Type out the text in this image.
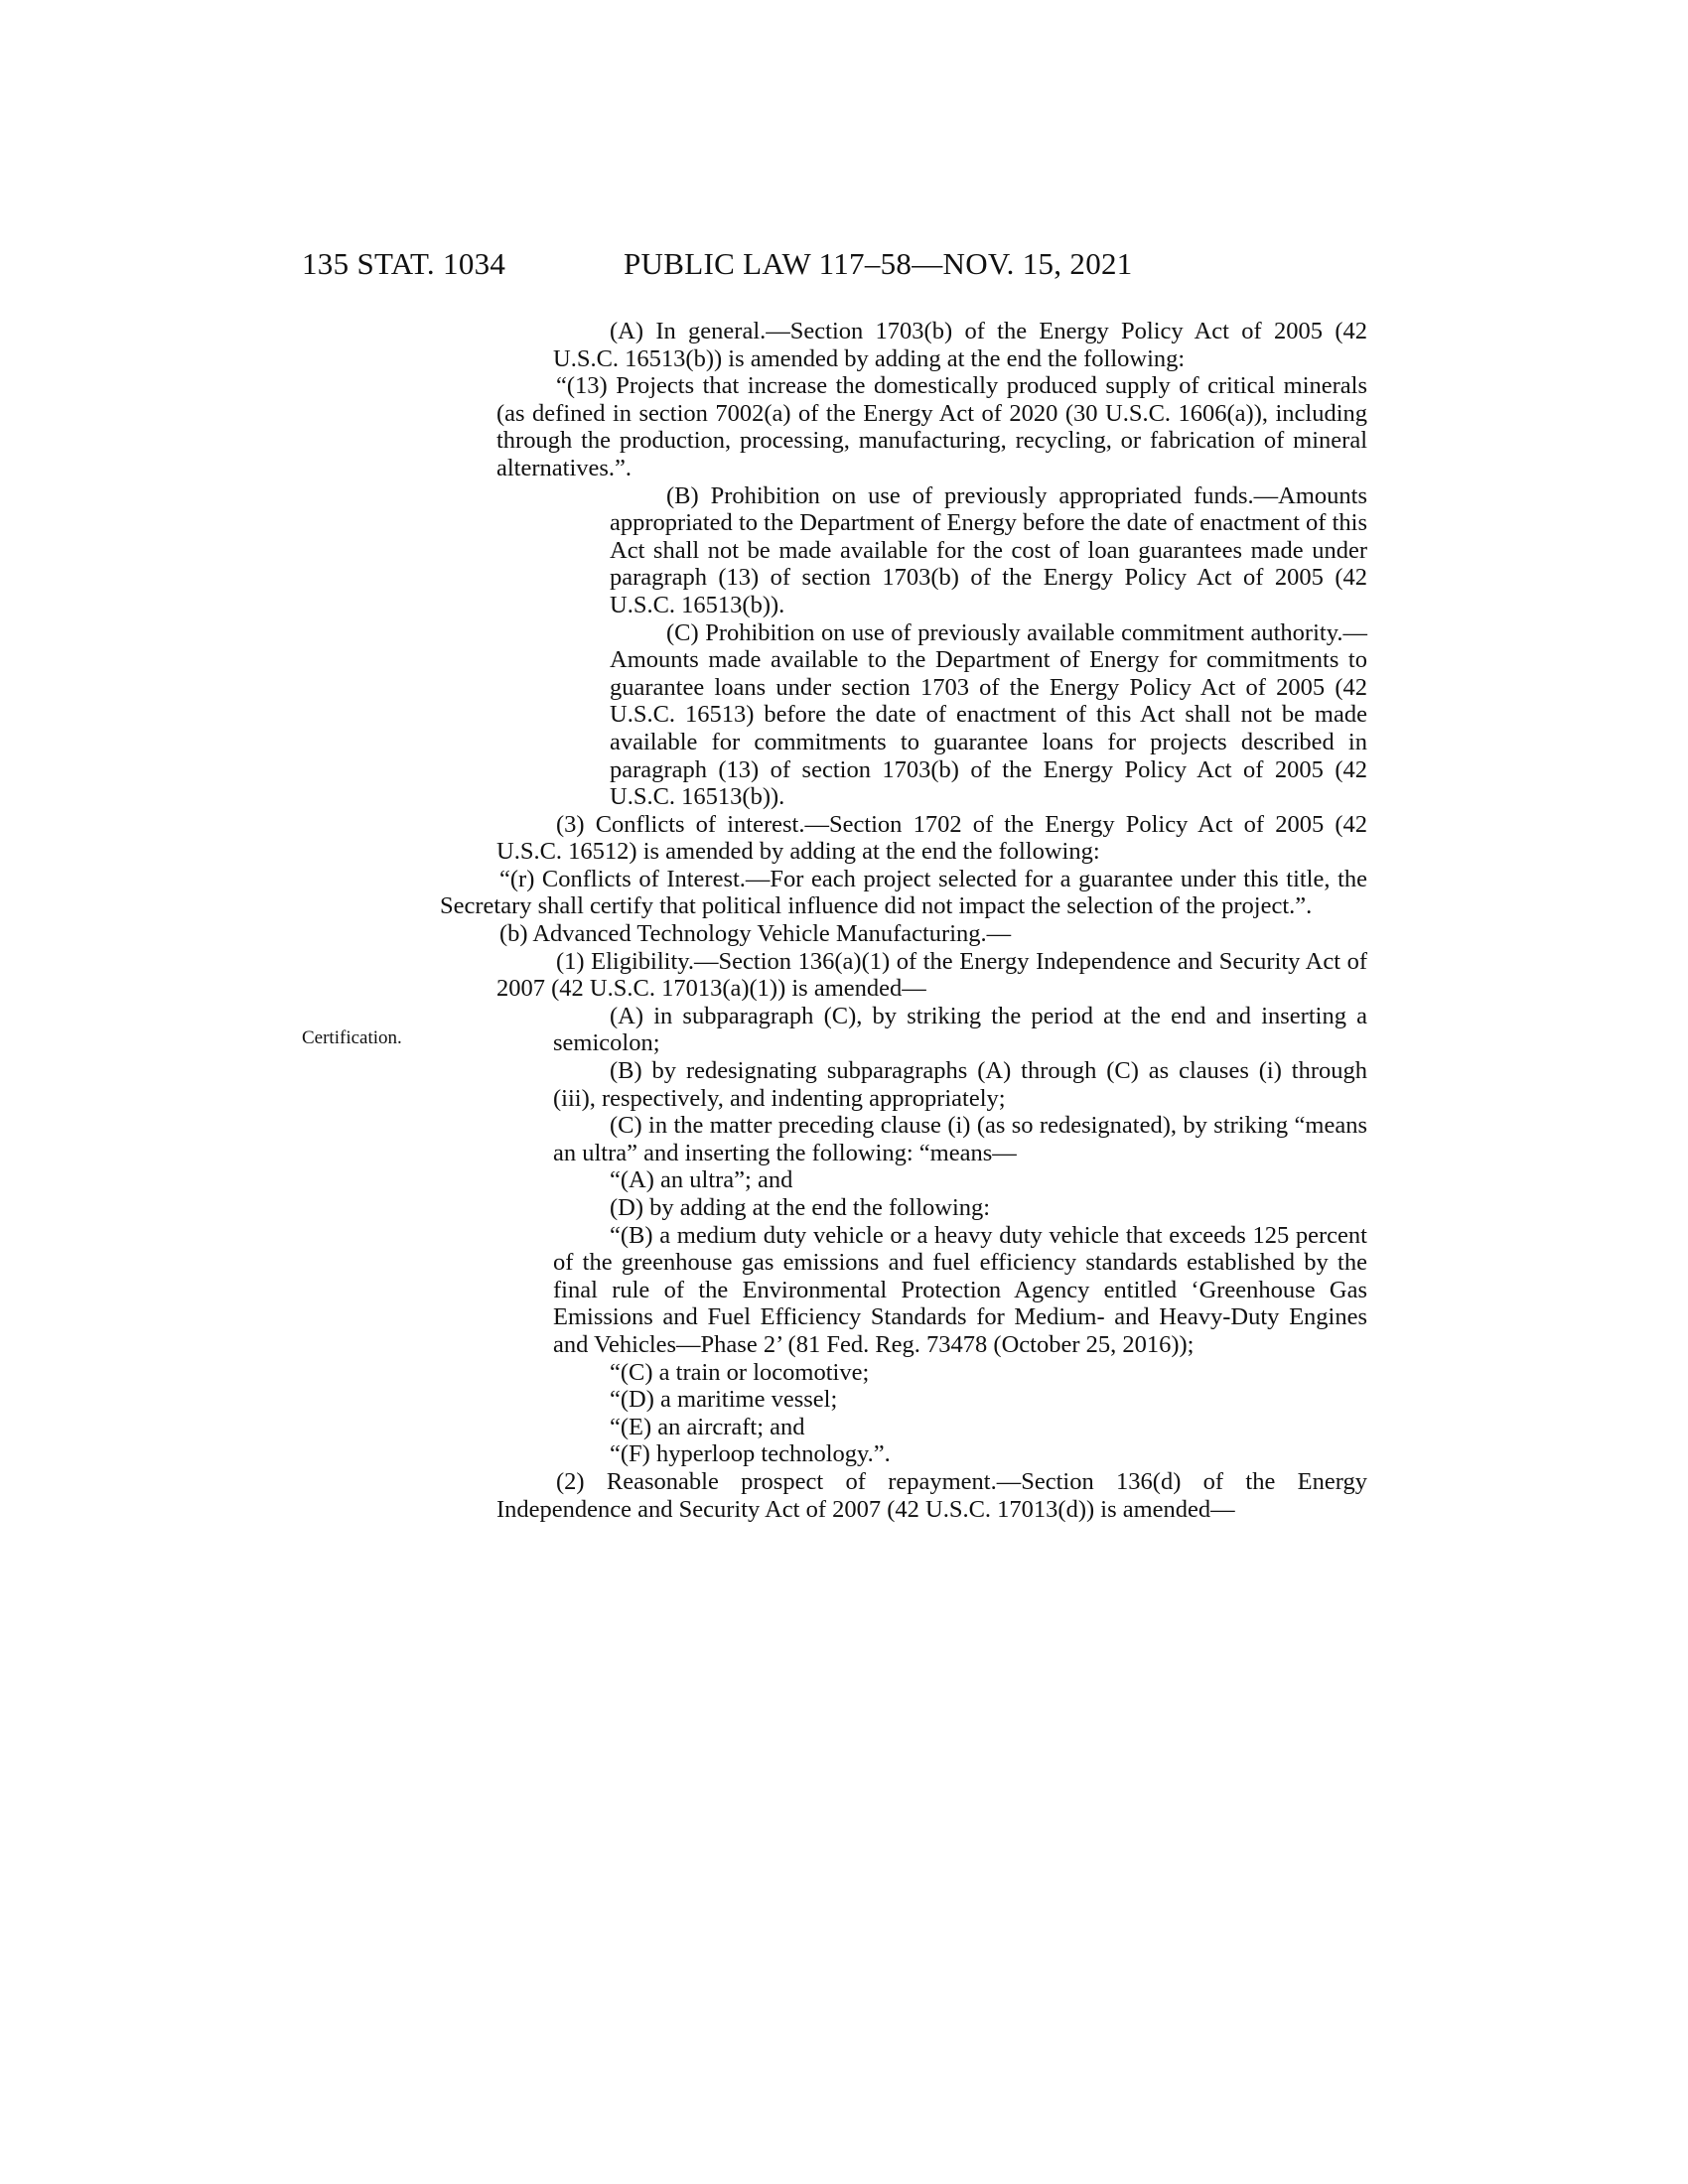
135 STAT. 1034	PUBLIC LAW 117–58—NOV. 15, 2021
Certification.

(A) In general.—Section 1703(b) of the Energy Policy Act of 2005 (42 U.S.C. 16513(b)) is amended by adding at the end the following:

“(13) Projects that increase the domestically produced supply of critical minerals (as defined in section 7002(a) of the Energy Act of 2020 (30 U.S.C. 1606(a)), including through the production, processing, manufacturing, recycling, or fabrication of mineral alternatives.”.

(B) Prohibition on use of previously appropriated funds.—Amounts appropriated to the Department of Energy before the date of enactment of this Act shall not be made available for the cost of loan guarantees made under paragraph (13) of section 1703(b) of the Energy Policy Act of 2005 (42 U.S.C. 16513(b)).

(C) Prohibition on use of previously available commitment authority.—Amounts made available to the Department of Energy for commitments to guarantee loans under section 1703 of the Energy Policy Act of 2005 (42 U.S.C. 16513) before the date of enactment of this Act shall not be made available for commitments to guarantee loans for projects described in paragraph (13) of section 1703(b) of the Energy Policy Act of 2005 (42 U.S.C. 16513(b)).

(3) Conflicts of interest.—Section 1702 of the Energy Policy Act of 2005 (42 U.S.C. 16512) is amended by adding at the end the following:

“(r) Conflicts of Interest.—For each project selected for a guarantee under this title, the Secretary shall certify that political influence did not impact the selection of the project.”.

(b) Advanced Technology Vehicle Manufacturing.—

(1) Eligibility.—Section 136(a)(1) of the Energy Independence and Security Act of 2007 (42 U.S.C. 17013(a)(1)) is amended—

(A) in subparagraph (C), by striking the period at the end and inserting a semicolon;

(B) by redesignating subparagraphs (A) through (C) as clauses (i) through (iii), respectively, and indenting appropriately;

(C) in the matter preceding clause (i) (as so redesignated), by striking “means an ultra” and inserting the following: “means—

“(A) an ultra”; and

(D) by adding at the end the following:

“(B) a medium duty vehicle or a heavy duty vehicle that exceeds 125 percent of the greenhouse gas emissions and fuel efficiency standards established by the final rule of the Environmental Protection Agency entitled ‘Greenhouse Gas Emissions and Fuel Efficiency Standards for Medium- and Heavy-Duty Engines and Vehicles—Phase 2’ (81 Fed. Reg. 73478 (October 25, 2016));

“(C) a train or locomotive;

“(D) a maritime vessel;

“(E) an aircraft; and

“(F) hyperloop technology.”.

(2) Reasonable prospect of repayment.—Section 136(d) of the Energy Independence and Security Act of 2007 (42 U.S.C. 17013(d)) is amended—
